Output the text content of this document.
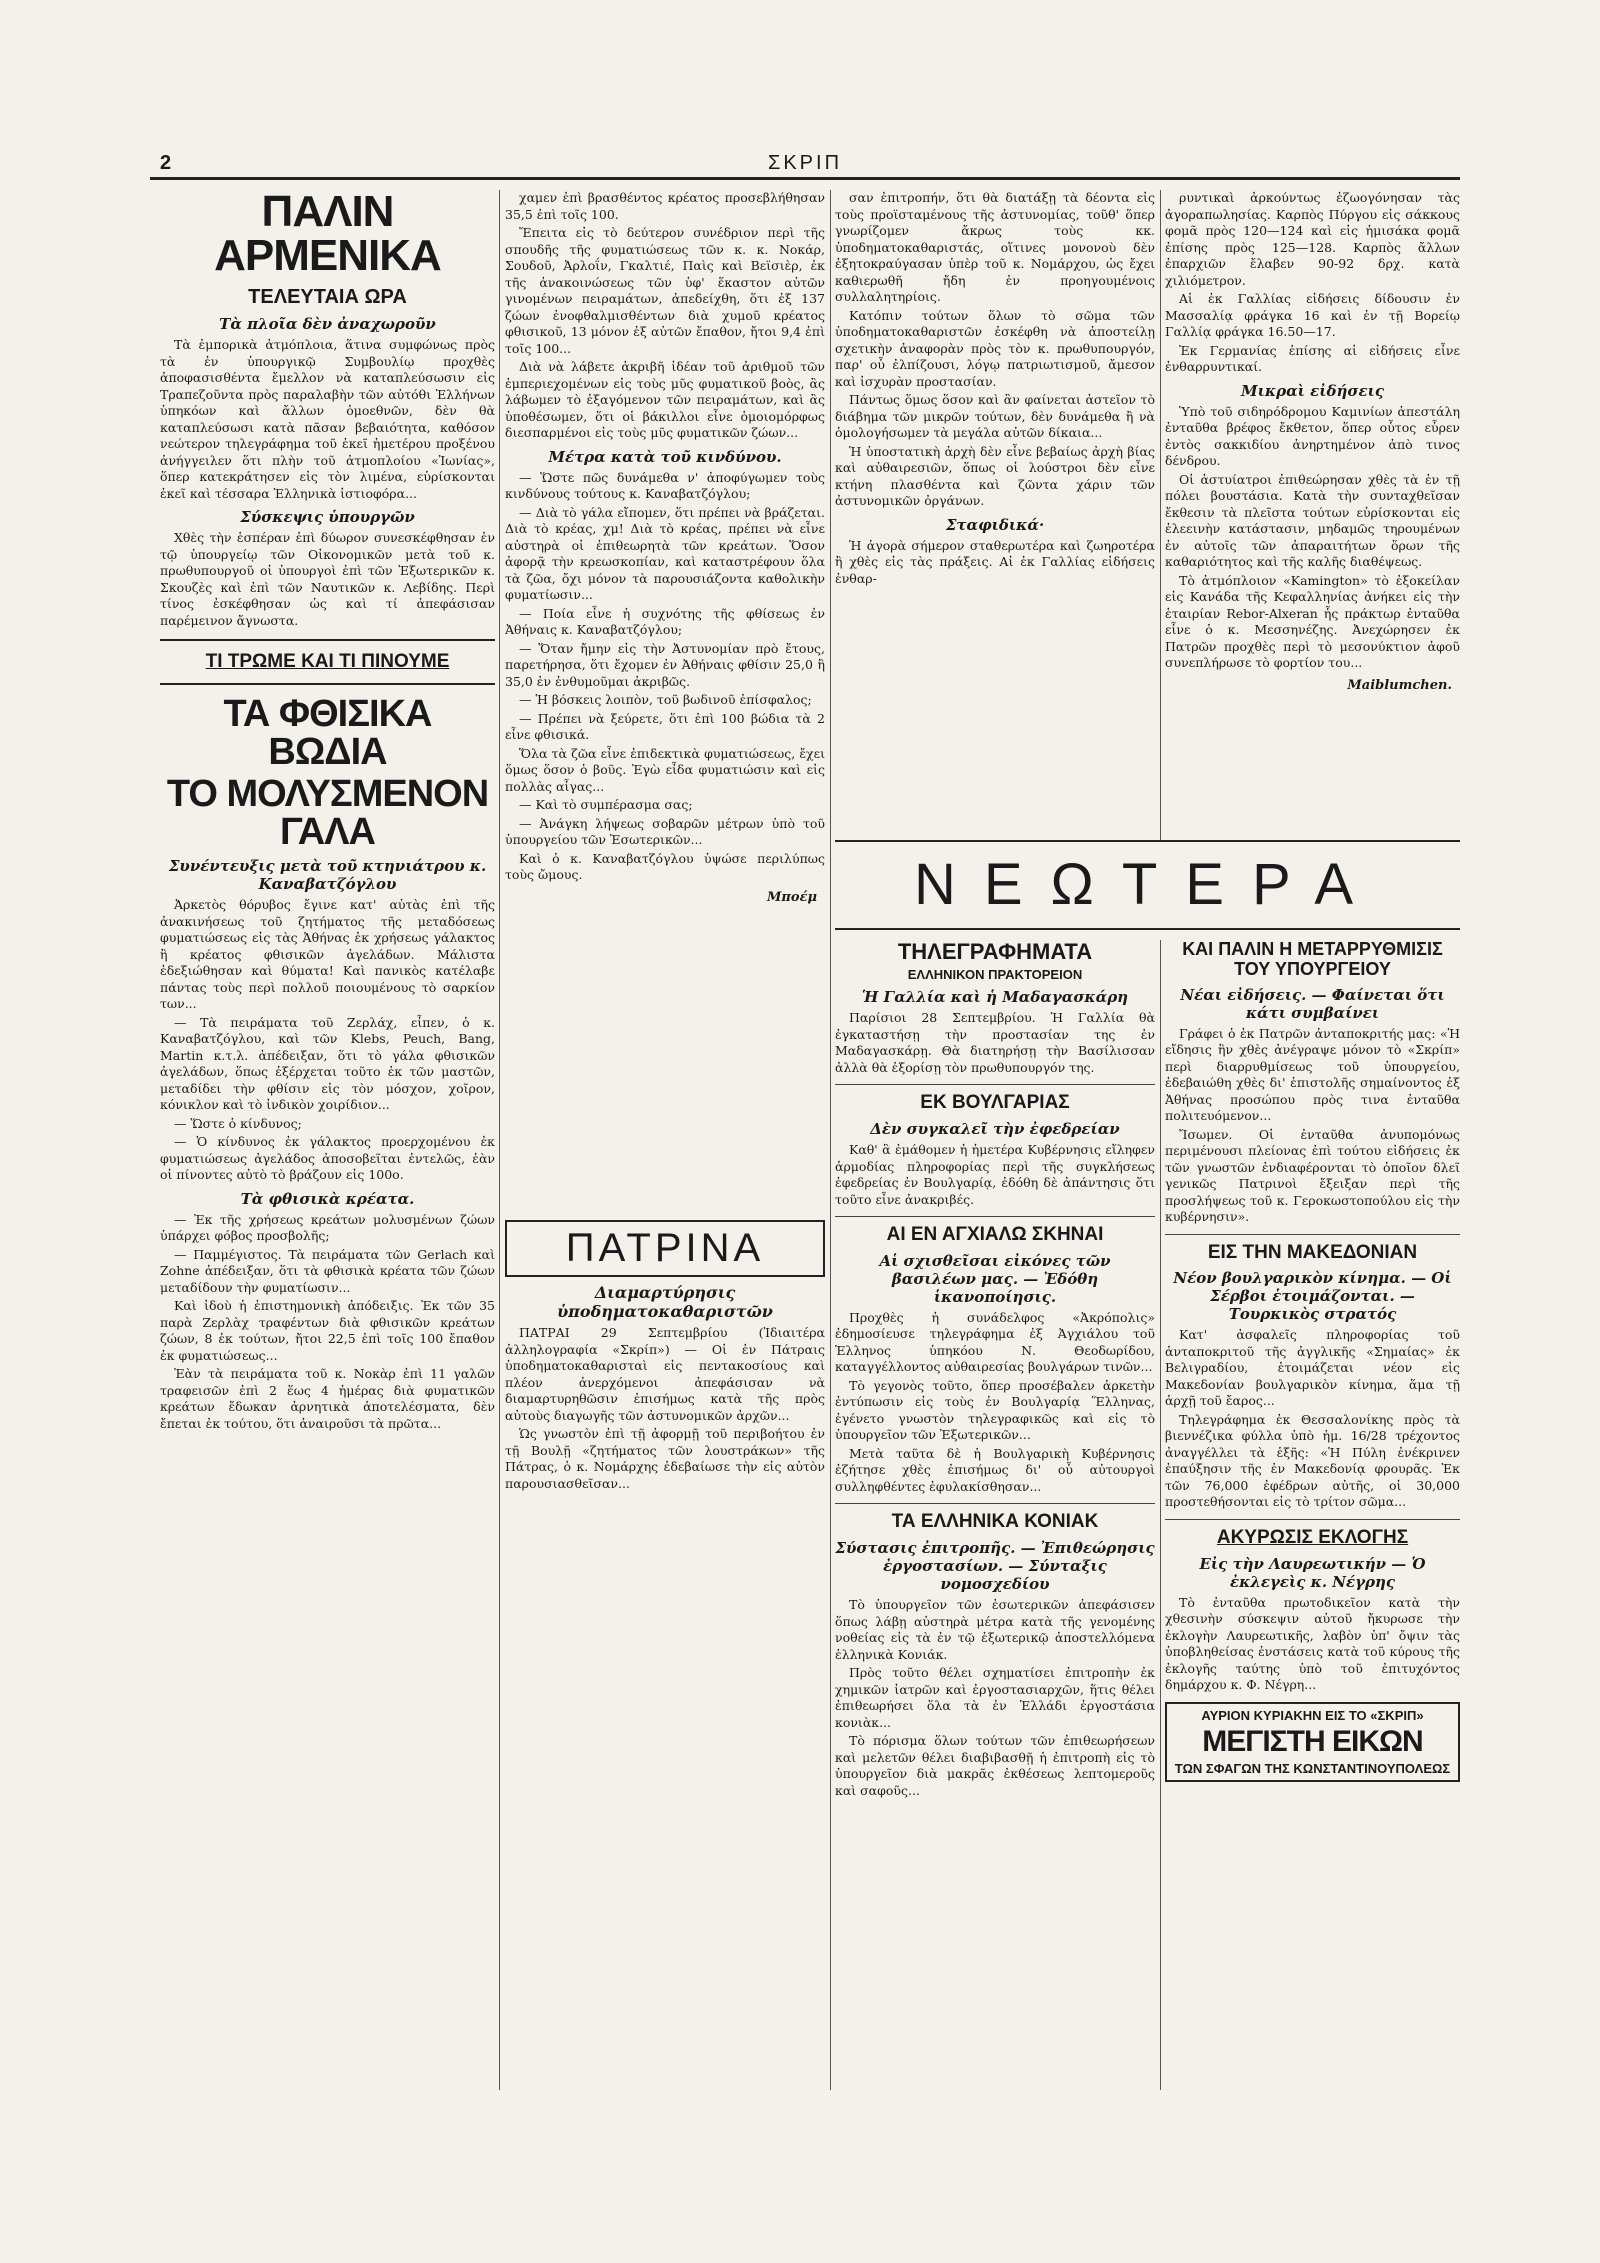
2	ΣΚΡΙΠ
ΠΑΛΙΝ ΑΡΜΕΝΙΚΑ
ΤΕΛΕΥΤΑΙΑ ΩΡΑ
Τὰ πλοῖα δὲν ἀναχωροῦν

Τὰ ἐμπορικὰ ἀτμόπλοια, ἅτινα συμφώνως πρὸς τὰ ἐν ὑπουργικῷ Συμβουλίῳ προχθὲς ἀποφασισθέντα ἔμελλον νὰ καταπλεύσωσιν εἰς Τραπεζοῦντα πρὸς παραλαβὴν τῶν αὐτόθι Ἑλλήνων ὑπηκόων καὶ ἄλλων ὁμοεθνῶν, δὲν θὰ καταπλεύσωσι κατὰ πᾶσαν βεβαιότητα, καθόσον νεώτερον τηλεγράφημα τοῦ ἐκεῖ ἡμετέρου προξένου ἀνήγγειλεν ὅτι πλὴν τοῦ ἀτμοπλοίου «Ἰωνίας», ὅπερ κατεκράτησεν εἰς τὸν λιμένα, εὑρίσκονται ἐκεῖ καὶ τέσσαρα Ἑλληνικὰ ἱστιοφόρα...

Σύσκεψις ὑπουργῶν

Χθὲς τὴν ἑσπέραν ἐπὶ δύωρον συνεσκέφθησαν ἐν τῷ ὑπουργείῳ τῶν Οἰκονομικῶν μετὰ τοῦ κ. πρωθυπουργοῦ οἱ ὑπουργοὶ ἐπὶ τῶν Ἐξωτερικῶν κ. Σκουζὲς καὶ ἐπὶ τῶν Ναυτικῶν κ. Λεβίδης. Περὶ τίνος ἐσκέφθησαν ὡς καὶ τί ἀπεφάσισαν παρέμεινον ἄγνωστα.

ΤΙ ΤΡΩΜΕ ΚΑΙ ΤΙ ΠΙΝΟΥΜΕ
ΤΑ ΦΘΙΣΙΚΑ ΒΩΔΙΑ
ΤΟ ΜΟΛΥΣΜΕΝΟΝ ΓΑΛΑ
Συνέντευξις μετὰ τοῦ κτηνιάτρου κ. Καναβατζόγλου

Ἀρκετὸς θόρυβος ἔγινε κατ' αὐτὰς ἐπὶ τῆς ἀνακινήσεως τοῦ ζητήματος τῆς μεταδόσεως φυματιώσεως εἰς τὰς Ἀθήνας ἐκ χρήσεως γάλακτος ἢ κρέατος φθισικῶν ἀγελάδων. Μάλιστα ἐδεξιώθησαν καὶ θύματα! Καὶ πανικὸς κατέλαβε πάντας τοὺς περὶ πολλοῦ ποιουμένους τὸ σαρκίον των...

— Τὰ πειράματα τοῦ Ζερλάχ, εἶπεν, ὁ κ. Καναβατζόγλου, καὶ τῶν Klebs, Peuch, Bang, Martin κ.τ.λ. ἀπέδειξαν, ὅτι τὸ γάλα φθισικῶν ἀγελάδων, ὅπως ἐξέρχεται τοῦτο ἐκ τῶν μαστῶν, μεταδίδει τὴν φθίσιν εἰς τὸν μόσχον, χοῖρον, κόνικλον καὶ τὸ ἰνδικὸν χοιρίδιον...

— Ὥστε ὁ κίνδυνος;

— Ὁ κίνδυνος ἐκ γάλακτος προερχομένου ἐκ φυματιώσεως ἀγελάδος ἀποσοβεῖται ἐντελῶς, ἐὰν οἱ πίνοντες αὐτὸ τὸ βράζουν εἰς 100ο.

Τὰ φθισικὰ κρέατα.

— Ἐκ τῆς χρήσεως κρεάτων μολυσμένων ζώων ὑπάρχει φόβος προσβολῆς;

— Παμμέγιστος. Τὰ πειράματα τῶν Gerlach καὶ Zohne ἀπέδειξαν, ὅτι τὰ φθισικὰ κρέατα τῶν ζώων μεταδίδουν τὴν φυματίωσιν...

Καὶ ἰδοὺ ἡ ἐπιστημονικὴ ἀπόδειξις. Ἐκ τῶν 35 παρὰ Ζερλὰχ τραφέντων διὰ φθισικῶν κρεάτων ζώων, 8 ἐκ τούτων, ἤτοι 22,5 ἐπὶ τοῖς 100 ἔπαθον ἐκ φυματιώσεως...

Ἐὰν τὰ πειράματα τοῦ κ. Νοκὰρ ἐπὶ 11 γαλῶν τραφεισῶν ἐπὶ 2 ἕως 4 ἡμέρας διὰ φυματικῶν κρεάτων ἔδωκαν ἀρνητικὰ ἀποτελέσματα, δὲν ἔπεται ἐκ τούτου, ὅτι ἀναιροῦσι τὰ πρῶτα...

χαμεν ἐπὶ βρασθέντος κρέατος προσεβλήθησαν 35,5 ἐπὶ τοῖς 100.

Ἔπειτα εἰς τὸ δεύτερον συνέδριον περὶ τῆς σπουδῆς τῆς φυματιώσεως τῶν κ. κ. Νοκάρ, Σουδοῦ, Ἀρλοΐν, Γκαλτιέ, Παὶς καὶ Βεϊσιὲρ, ἐκ τῆς ἀνακοινώσεως τῶν ὑφ' ἕκαστον αὐτῶν γινομένων πειραμάτων, ἀπεδείχθη, ὅτι ἐξ 137 ζώων ἐνοφθαλμισθέντων διὰ χυμοῦ κρέατος φθισικοῦ, 13 μόνον ἐξ αὐτῶν ἔπαθον, ἤτοι 9,4 ἐπὶ τοῖς 100...

Διὰ νὰ λάβετε ἀκριβῆ ἰδέαν τοῦ ἀριθμοῦ τῶν ἐμπεριεχομένων εἰς τοὺς μῦς φυματικοῦ βοὸς, ἂς λάβωμεν τὸ ἐξαγόμενον τῶν πειραμάτων, καὶ ἂς ὑποθέσωμεν, ὅτι οἱ βάκιλλοι εἶνε ὁμοιομόρφως διεσπαρμένοι εἰς τοὺς μῦς φυματικῶν ζώων...

Μέτρα κατὰ τοῦ κινδύνου.

— Ὥστε πῶς δυνάμεθα ν' ἀποφύγωμεν τοὺς κινδύνους τούτους κ. Καναβατζόγλου;

— Διὰ τὸ γάλα εἴπομεν, ὅτι πρέπει νὰ βράζεται. Διὰ τὸ κρέας, χμ! Διὰ τὸ κρέας, πρέπει νὰ εἶνε αὐστηρὰ οἱ ἐπιθεωρητὰ τῶν κρεάτων. Ὅσον ἀφορᾷ τὴν κρεωσκοπίαν, καὶ καταστρέφουν ὅλα τὰ ζῶα, ὄχι μόνον τὰ παρουσιάζοντα καθολικὴν φυματίωσιν...

— Ποία εἶνε ἡ συχνότης τῆς φθίσεως ἐν Ἀθήναις κ. Καναβατζόγλου;

— Ὅταν ἤμην εἰς τὴν Ἀστυνομίαν πρὸ ἔτους, παρετήρησα, ὅτι ἔχομεν ἐν Ἀθήναις φθίσιν 25,0 ἢ 35,0 ἐν ἐνθυμοῦμαι ἀκριβῶς.

— Ἡ βόσκεις λοιπὸν, τοῦ βωδινοῦ ἐπίσφαλος;

— Πρέπει νὰ ξεύρετε, ὅτι ἐπὶ 100 βώδια τὰ 2 εἶνε φθισικά.

Ὅλα τὰ ζῶα εἶνε ἐπιδεκτικὰ φυματιώσεως, ἔχει ὅμως ὅσον ὁ βοῦς. Ἐγὼ εἶδα φυματιώσιν καὶ εἰς πολλὰς αἶγας...

— Καὶ τὸ συμπέρασμα σας;

— Ἀνάγκη λήψεως σοβαρῶν μέτρων ὑπὸ τοῦ ὑπουργείου τῶν Ἐσωτερικῶν...

Καὶ ὁ κ. Καναβατζόγλου ὑψώσε περιλύπως τοὺς ὤμους.

Μποέμ
ΠΑΤΡΙΝΑ
Διαμαρτύρησις ὑποδηματοκαθαριστῶν

ΠΑΤΡΑΙ 29 Σεπτεμβρίου (Ἰδιαιτέρα ἀλληλογραφία «Σκρίπ») — Οἱ ἐν Πάτραις ὑποδηματοκαθαρισταὶ εἰς πεντακοσίους καὶ πλέον ἀνερχόμενοι ἀπεφάσισαν νὰ διαμαρτυρηθῶσιν ἐπισήμως κατὰ τῆς πρὸς αὐτοὺς διαγωγῆς τῶν ἀστυνομικῶν ἀρχῶν...

Ὡς γνωστὸν ἐπὶ τῇ ἀφορμῇ τοῦ περιβοήτου ἐν τῇ Βουλῇ «ζητήματος τῶν λουστράκων» τῆς Πάτρας, ὁ κ. Νομάρχης ἐδεβαίωσε τὴν εἰς αὐτὸν παρουσιασθεῖσαν...

σαν ἐπιτροπήν, ὅτι θὰ διατάξῃ τὰ δέοντα εἰς τοὺς προϊσταμένους τῆς ἀστυνομίας, τοῦθ' ὅπερ γνωρίζομεν ἄκρως τοὺς κκ. ὑποδηματοκαθαριστάς, οἵτινες μονονοὺ δὲν ἐξητοκραύγασαν ὑπὲρ τοῦ κ. Νομάρχου, ὡς ἔχει καθιερωθῆ ἤδη ἐν προηγουμένοις συλλαλητηρίοις.

Κατόπιν τούτων ὅλων τὸ σῶμα τῶν ὑποδηματοκαθαριστῶν ἐσκέφθη νὰ ἀποστείλῃ σχετικὴν ἀναφορὰν πρὸς τὸν κ. πρωθυπουργόν, παρ' οὗ ἐλπίζουσι, λόγῳ πατριωτισμοῦ, ἄμεσον καὶ ἰσχυρὰν προστασίαν.

Πάντως ὅμως ὅσον καὶ ἂν φαίνεται ἀστεῖον τὸ διάβημα τῶν μικρῶν τούτων, δὲν δυνάμεθα ἢ νὰ ὁμολογήσωμεν τὰ μεγάλα αὐτῶν δίκαια...

Ἡ ὑποστατικὴ ἀρχὴ δὲν εἶνε βεβαίως ἀρχὴ βίας καὶ αὐθαιρεσιῶν, ὅπως οἱ λούστροι δὲν εἶνε κτήνη πλασθέντα καὶ ζῶντα χάριν τῶν ἀστυνομικῶν ὀργάνων.

Σταφιδικά·

Ἡ ἀγορὰ σήμερον σταθερωτέρα καὶ ζωηροτέρα ἢ χθὲς εἰς τὰς πράξεις. Αἱ ἐκ Γαλλίας εἰδήσεις ἐνθαρ-

ρυντικαὶ ἀρκούντως ἐζωογόνησαν τὰς ἀγοραπωλησίας. Καρπὸς Πύργου εἰς σάκκους φομᾶ πρὸς 120—124 καὶ εἰς ἡμισάκα φομᾶ ἐπίσης πρὸς 125—128. Καρπὸς ἄλλων ἐπαρχιῶν ἔλαβεν 90-92 δρχ. κατὰ χιλιόμετρον.

Αἱ ἐκ Γαλλίας εἰδήσεις δίδουσιν ἐν Μασσαλίᾳ φράγκα 16 καὶ ἐν τῇ Βορείῳ Γαλλίᾳ φράγκα 16.50—17.

Ἐκ Γερμανίας ἐπίσης αἱ εἰδήσεις εἶνε ἐνθαρρυντικαί.

Μικραὶ εἰδήσεις

Ὑπὸ τοῦ σιδηρόδρομου Καμινίων ἀπεστάλη ἐνταῦθα βρέφος ἔκθετον, ὅπερ οὗτος εὗρεν ἐντὸς σακκιδίου ἀνηρτημένον ἀπὸ τινος δένδρου.

Οἱ ἀστυίατροι ἐπιθεώρησαν χθὲς τὰ ἐν τῇ πόλει βουστάσια. Κατὰ τὴν συνταχθεῖσαν ἔκθεσιν τὰ πλεῖστα τούτων εὑρίσκονται εἰς ἐλεεινὴν κατάστασιν, μηδαμῶς τηρουμένων ἐν αὐτοῖς τῶν ἀπαραιτήτων ὅρων τῆς καθαριότητος καὶ τῆς καλῆς διαθέψεως.

Τὸ ἀτμόπλοιον «Kamington» τὸ ἐξοκείλαν εἰς Κανάδα τῆς Κεφαλληνίας ἀνήκει εἰς τὴν ἑταιρίαν Rebor-Alxeran ἧς πράκτωρ ἐνταῦθα εἶνε ὁ κ. Μεσσηνέζης. Ἀνεχώρησεν ἐκ Πατρῶν προχθὲς περὶ τὸ μεσονύκτιον ἀφοῦ συνεπλήρωσε τὸ φορτίον του...

Maiblumchen.
ΝΕΩΤΕΡΑ
ΤΗΛΕΓΡΑΦΗΜΑΤΑ
ΕΛΛΗΝΙΚΟΝ ΠΡΑΚΤΟΡΕΙΟΝ
Ἡ Γαλλία καὶ ἡ Μαδαγασκάρη

Παρίσιοι 28 Σεπτεμβρίου. Ἡ Γαλλία θὰ ἐγκαταστήσῃ τὴν προστασίαν της ἐν Μαδαγασκάρῃ. Θὰ διατηρήσῃ τὴν Βασίλισσαν ἀλλὰ θὰ ἐξορίσῃ τὸν πρωθυπουργόν της.

ΕΚ ΒΟΥΛΓΑΡΙΑΣ
Δὲν συγκαλεῖ τὴν ἐφεδρείαν

Καθ' ἃ ἐμάθομεν ἡ ἡμετέρα Κυβέρνησις εἴληφεν ἁρμοδίας πληροφορίας περὶ τῆς συγκλήσεως ἐφεδρείας ἐν Βουλγαρίᾳ, ἐδόθη δὲ ἀπάντησις ὅτι τοῦτο εἶνε ἀνακριβές.

ΑΙ ΕΝ ΑΓΧΙΑΛΩ ΣΚΗΝΑΙ
Αἱ σχισθεῖσαι εἰκόνες τῶν βασιλέων μας. — Ἐδόθη ἱκανοποίησις.

Προχθὲς ἡ συνάδελφος «Ἀκρόπολις» ἐδημοσίευσε τηλεγράφημα ἐξ Ἀγχιάλου τοῦ Ἑλληνος ὑπηκόου Ν. Θεοδωρίδου, καταγγέλλοντος αὐθαιρεσίας βουλγάρων τινῶν...

Τὸ γεγονὸς τοῦτο, ὅπερ προσέβαλεν ἀρκετὴν ἐντύπωσιν εἰς τοὺς ἐν Βουλγαρίᾳ Ἕλληνας, ἐγένετο γνωστὸν τηλεγραφικῶς καὶ εἰς τὸ ὑπουργεῖον τῶν Ἐξωτερικῶν...

Μετὰ ταῦτα δὲ ἡ Βουλγαρικὴ Κυβέρνησις ἐζήτησε χθὲς ἐπισήμως δι' οὗ αὐτουργοὶ συλληφθέντες ἐφυλακίσθησαν...

ΤΑ ΕΛΛΗΝΙΚΑ ΚΟΝΙΑΚ
Σύστασις ἐπιτροπῆς. — Ἐπιθεώρησις ἐργοστασίων. — Σύνταξις νομοσχεδίου

Τὸ ὑπουργεῖον τῶν ἐσωτερικῶν ἀπεφάσισεν ὅπως λάβῃ αὐστηρὰ μέτρα κατὰ τῆς γενομένης νοθείας εἰς τὰ ἐν τῷ ἐξωτερικῷ ἀποστελλόμενα ἑλληνικὰ Κονιάκ.

Πρὸς τοῦτο θέλει σχηματίσει ἐπιτροπὴν ἐκ χημικῶν ἰατρῶν καὶ ἐργοστασιαρχῶν, ἥτις θέλει ἐπιθεωρήσει ὅλα τὰ ἐν Ἑλλάδι ἐργοστάσια κονιὰκ...

Τὸ πόρισμα ὅλων τούτων τῶν ἐπιθεωρήσεων καὶ μελετῶν θέλει διαβιβασθῇ ἡ ἐπιτροπὴ εἰς τὸ ὑπουργεῖον διὰ μακρᾶς ἐκθέσεως λεπτομεροῦς καὶ σαφοῦς...

ΚΑΙ ΠΑΛΙΝ Η ΜΕΤΑΡΡΥΘΜΙΣΙΣ ΤΟΥ ΥΠΟΥΡΓΕΙΟΥ
Νέαι εἰδήσεις. — Φαίνεται ὅτι κάτι συμβαίνει

Γράφει ὁ ἐκ Πατρῶν ἀνταποκριτής μας: «Ἡ εἴδησις ἣν χθὲς ἀνέγραψε μόνον τὸ «Σκρίπ» περὶ διαρρυθμίσεως τοῦ ὑπουργείου, ἐδεβαιώθη χθὲς δι' ἐπιστολῆς σημαίνοντος ἐξ Ἀθήνας προσώπου πρὸς τινα ἐνταῦθα πολιτευόμενον...

Ἴσωμεν. Οἱ ἐνταῦθα ἀνυπομόνως περιμένουσι πλείονας ἐπὶ τούτου εἰδήσεις ἐκ τῶν γνωστῶν ἐνδιαφέρονται τὸ ὁποῖον δλεῖ γενικῶς Πατρινοὶ ἔξειξαν περὶ τῆς προσλήψεως τοῦ κ. Γεροκωστοπούλου εἰς τὴν κυβέρνησιν».

ΕΙΣ ΤΗΝ ΜΑΚΕΔΟΝΙΑΝ
Νέον βουλγαρικὸν κίνημα. — Οἱ Σέρβοι ἑτοιμάζονται. — Τουρκικὸς στρατός

Κατ' ἀσφαλεῖς πληροφορίας τοῦ ἀνταποκριτοῦ τῆς ἀγγλικῆς «Σημαίας» ἐκ Βελιγραδίου, ἑτοιμάζεται νέον εἰς Μακεδονίαν βουλγαρικὸν κίνημα, ἅμα τῇ ἀρχῇ τοῦ ἔαρος...

Τηλεγράφημα ἐκ Θεσσαλονίκης πρὸς τὰ βιεννέζικα φύλλα ὑπὸ ἡμ. 16/28 τρέχοντος ἀναγγέλλει τὰ ἑξῆς: «Ἡ Πύλη ἐνέκρινεν ἐπαύξησιν τῆς ἐν Μακεδονίᾳ φρουρᾶς. Ἐκ τῶν 76,000 ἐφέδρων αὐτῆς, οἱ 30,000 προστεθήσονται εἰς τὸ τρίτον σῶμα...

ΑΚΥΡΩΣΙΣ ΕΚΛΟΓΗΣ
Εἰς τὴν Λαυρεωτικήν — Ὁ ἐκλεγεὶς κ. Νέγρης

Τὸ ἐνταῦθα πρωτοδικεῖον κατὰ τὴν χθεσινὴν σύσκεψιν αὐτοῦ ἤκυρωσε τὴν ἐκλογὴν Λαυρεωτικῆς, λαβὸν ὑπ' ὄψιν τὰς ὑποβληθείσας ἐνστάσεις κατὰ τοῦ κύρους τῆς ἐκλογῆς ταύτης ὑπὸ τοῦ ἐπιτυχόντος δημάρχου κ. Φ. Νέγρη...

ΑΥΡΙΟΝ ΚΥΡΙΑΚΗΝ ΕΙΣ ΤΟ «ΣΚΡΙΠ»
ΜΕΓΙΣΤΗ ΕΙΚΩΝ
ΤΩΝ ΣΦΑΓΩΝ ΤΗΣ ΚΩΝΣΤΑΝΤΙΝΟΥΠΟΛΕΩΣ
